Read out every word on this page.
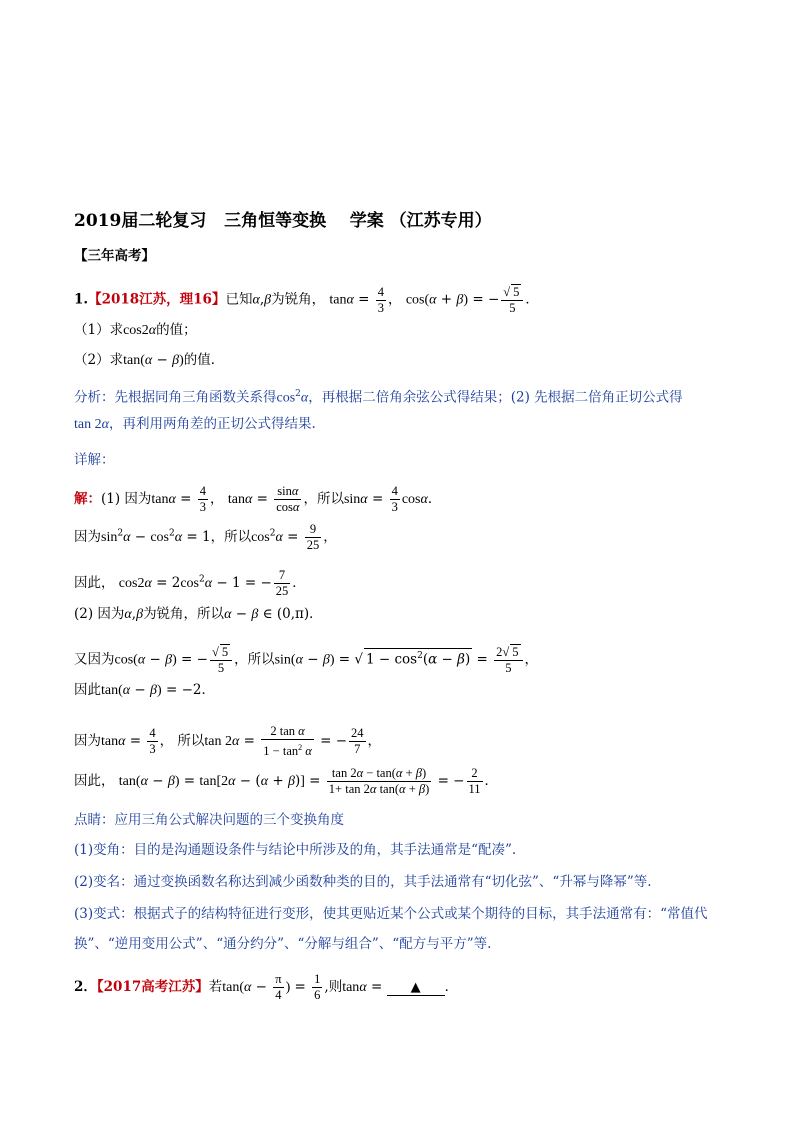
2019届二轮复习   三角恒等变换    学案 （江苏专用）
【三年高考】
1.【2018江苏，理16】已知α,β为锐角， $\tan\alpha = \frac{4}{3}$ ， cos(α + β) = − $\frac{√ 5}{5}$ ．
（1）求cos2α的值；
（2）求tan(α − β)的值．
分析：先根据同角三角函数关系得$\cos^2\alpha$，再根据二倍角余弦公式得结果；(2) 先根据二倍角正切公式得
tan 2α，再利用两角差的正切公式得结果.
详解：
解：(1) 因为$\tan\alpha = \frac{4}{3}$ ， $\tan\alpha = \frac{\sin\alpha}{\cos\alpha}$ ，所以$\sin\alpha = \frac{4}{3}$ cosα．
因为$\sin^2\alpha - \cos^2\alpha = 1$，所以$\cos^2\alpha = \frac{9}{25}$ ，
因此， $\cos 2\alpha = 2\cos^2\alpha - 1$ = − $\frac{7}{25}$ ．
(2) 因为α,β为锐角，所以α − β ∈ (0,π)．
又因为cos(α − β) = − $\frac{√ 5}{5}$ ，所以sin(α − β) = √ $1 - \cos^2(\alpha - \beta) = \frac{2√ 5}{5}$ ，
因此tan(α − β) = −2．
因为$\tan\alpha = \frac{4}{3}$ ， 所以$\tan 2\alpha = \frac{\text{2 tan α}}{1 - \tan^2 \alpha}$ = − $\frac{24}{7}$ ，
因此， $\tan(\alpha - \beta) = \tan[2\alpha - (\alpha + \beta)] = \frac{\tan 2\alpha - \tan(\alpha + \beta)}{\text{1+ tan 2α tan(α + β)}}$ = − $\frac{2}{11}$ ．
点睛：应用三角公式解决问题的三个变换角度
(1)变角：目的是沟通题设条件与结论中所涉及的角，其手法通常是“配凑”.
(2)变名：通过变换函数名称达到减少函数种类的目的，其手法通常有“切化弦”、“升幂与降幂”等.
(3)变式：根据式子的结构特征进行变形，使其更贴近某个公式或某个期待的目标，其手法通常有：“常值代
换”、“逆用变用公式”、“通分约分”、“分解与组合”、“配方与平方”等.
2．【2017高考江苏】若$\tan(\alpha - \frac{\pi}{4}$ ) = $\frac{1}{6}$ ,则tanα = ▲ ．
